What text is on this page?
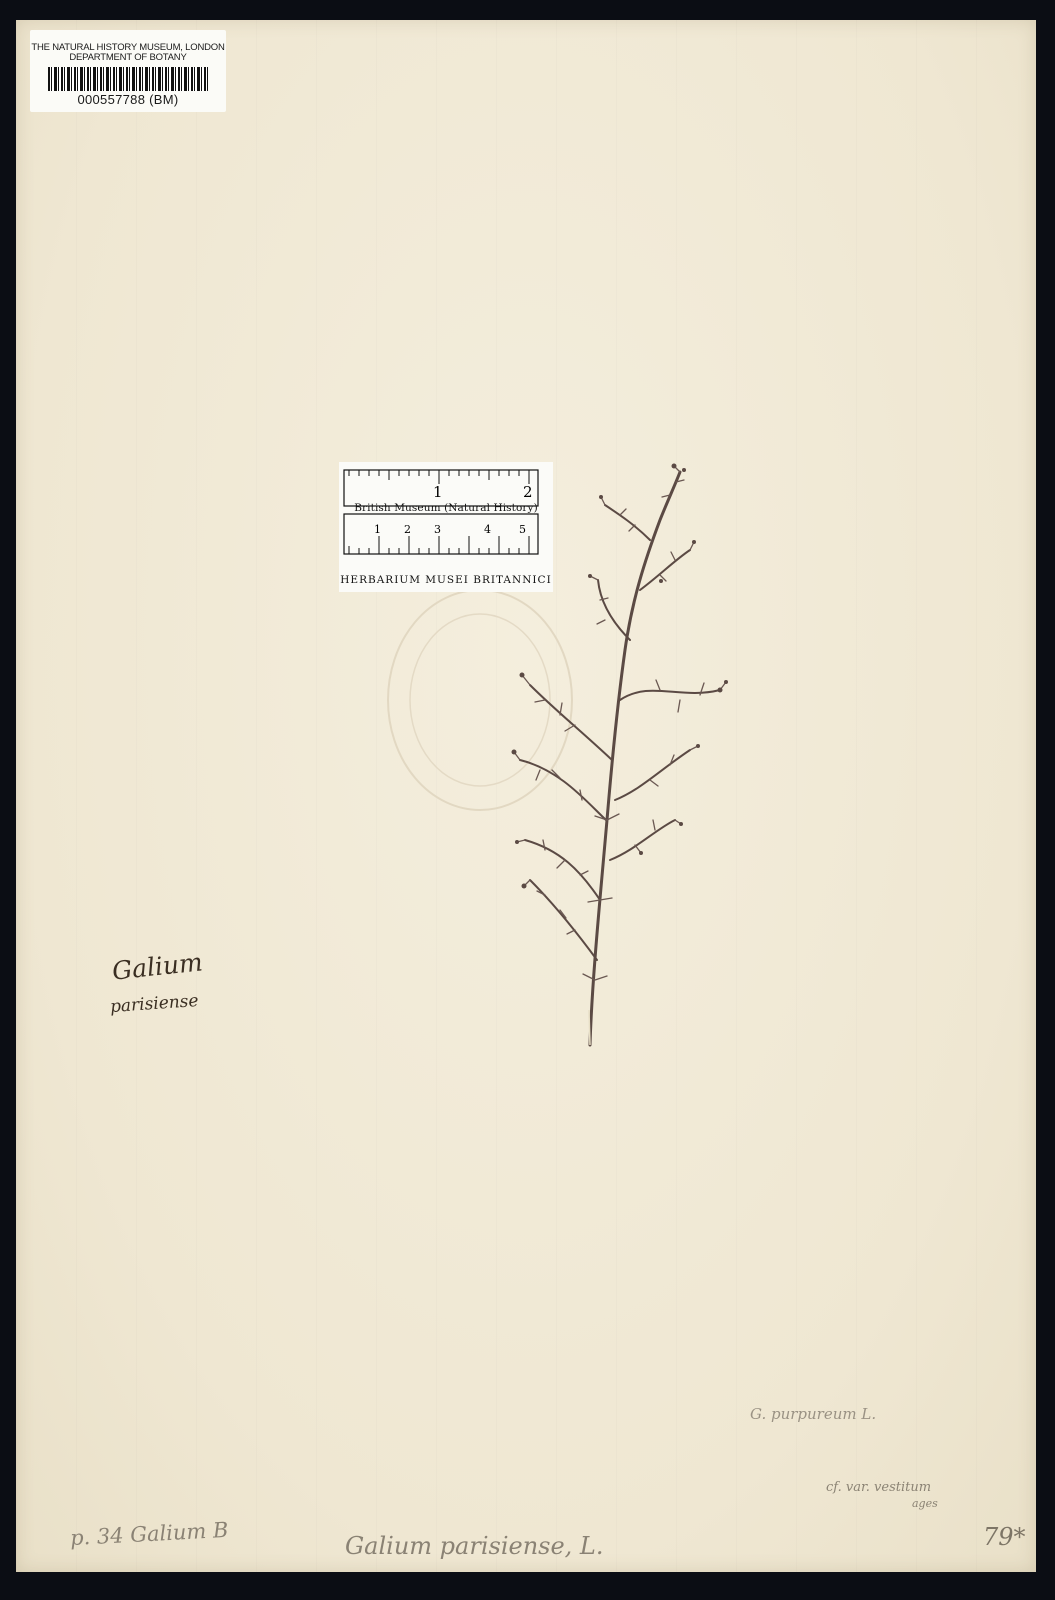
THE NATURAL HISTORY MUSEUM, LONDON
DEPARTMENT OF BOTANY
000557788 (BM)
1	2
1 2 3	4	5
British Museum (Natural History)
HERBARIUM MUSEI BRITANNICI
Galium
parisiense
G. purpureum L.
cf. var. vestitum
ages
p. 34 Galium B	Galium parisiense, L.	79*
